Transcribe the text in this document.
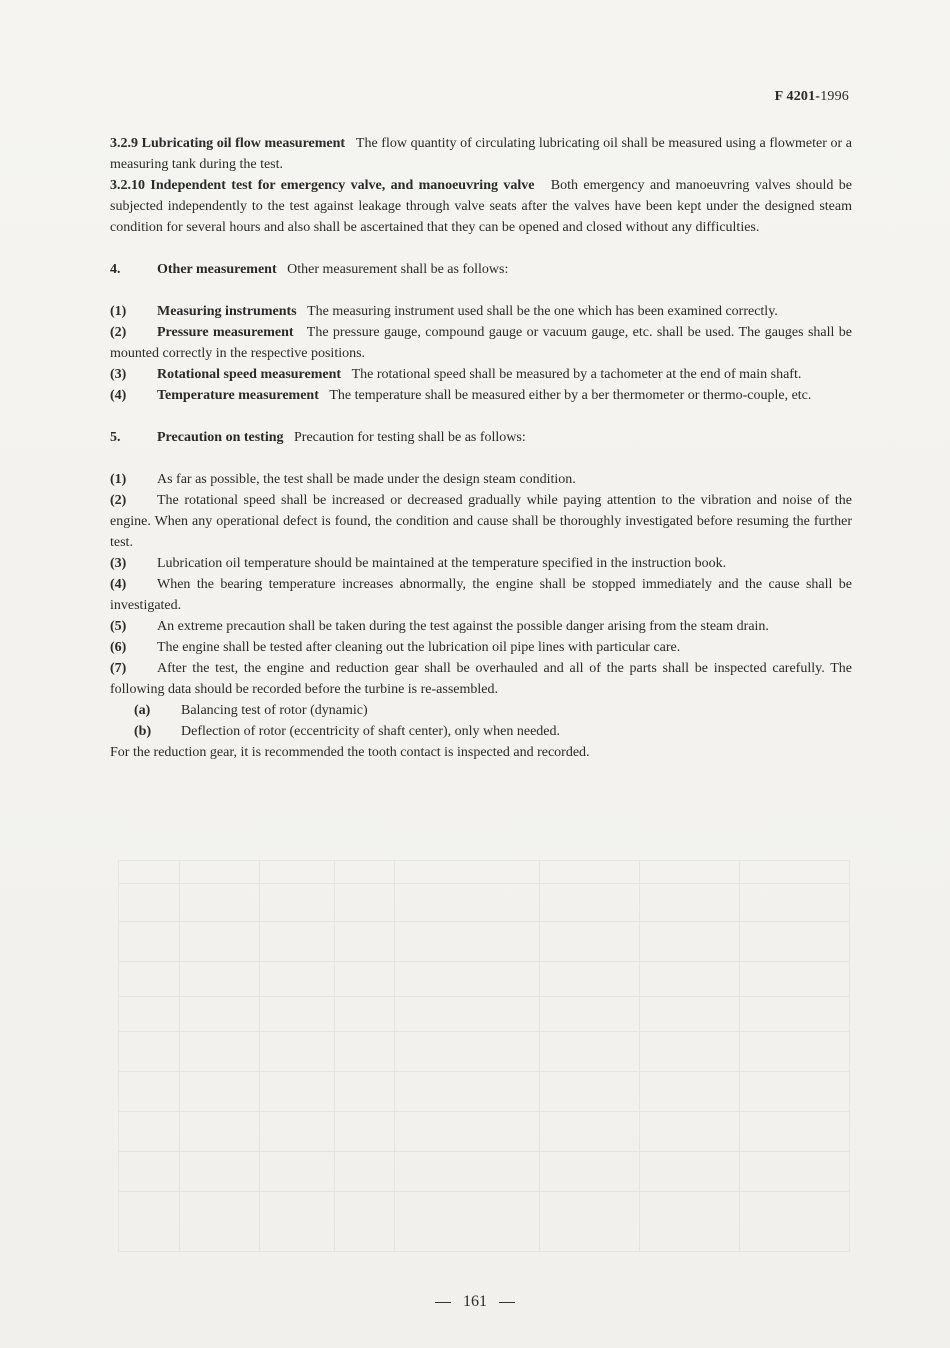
F 4201-1996

3.2.9 Lubricating oil flow measurement The flow quantity of circulating lubricating oil shall be measured using a flowmeter or a measuring tank during the test.

3.2.10 Independent test for emergency valve, and manoeuvring valve Both emergency and manoeuvring valves should be subjected independently to the test against leakage through valve seats after the valves have been kept under the designed steam condition for several hours and also shall be ascertained that they can be opened and closed without any difficulties.

4.	Other measurement Other measurement shall be as follows:

(1) Measuring instruments The measuring instrument used shall be the one which has been examined correctly.

(2) Pressure measurement The pressure gauge, compound gauge or vacuum gauge, etc. shall be used. The gauges shall be mounted correctly in the respective positions.

(3) Rotational speed measurement The rotational speed shall be measured by a tachometer at the end of main shaft.

(4) Temperature measurement The temperature shall be measured either by a ber thermometer or thermo-couple, etc.

5.	Precaution on testing Precaution for testing shall be as follows:

(1) As far as possible, the test shall be made under the design steam condition.

(2) The rotational speed shall be increased or decreased gradually while paying attention to the vibration and noise of the engine. When any operational defect is found, the condition and cause shall be thoroughly investigated before resuming the further test.

(3) Lubrication oil temperature should be maintained at the temperature specified in the instruction book.

(4) When the bearing temperature increases abnormally, the engine shall be stopped immediately and the cause shall be investigated.

(5) An extreme precaution shall be taken during the test against the possible danger arising from the steam drain.

(6) The engine shall be tested after cleaning out the lubrication oil pipe lines with particular care.

(7) After the test, the engine and reduction gear shall be overhauled and all of the parts shall be inspected carefully. The following data should be recorded before the turbine is re-assembled.

(a) Balancing test of rotor (dynamic)

(b) Deflection of rotor (eccentricity of shaft center), only when needed.

For the reduction gear, it is recommended the tooth contact is inspected and recorded.

161
